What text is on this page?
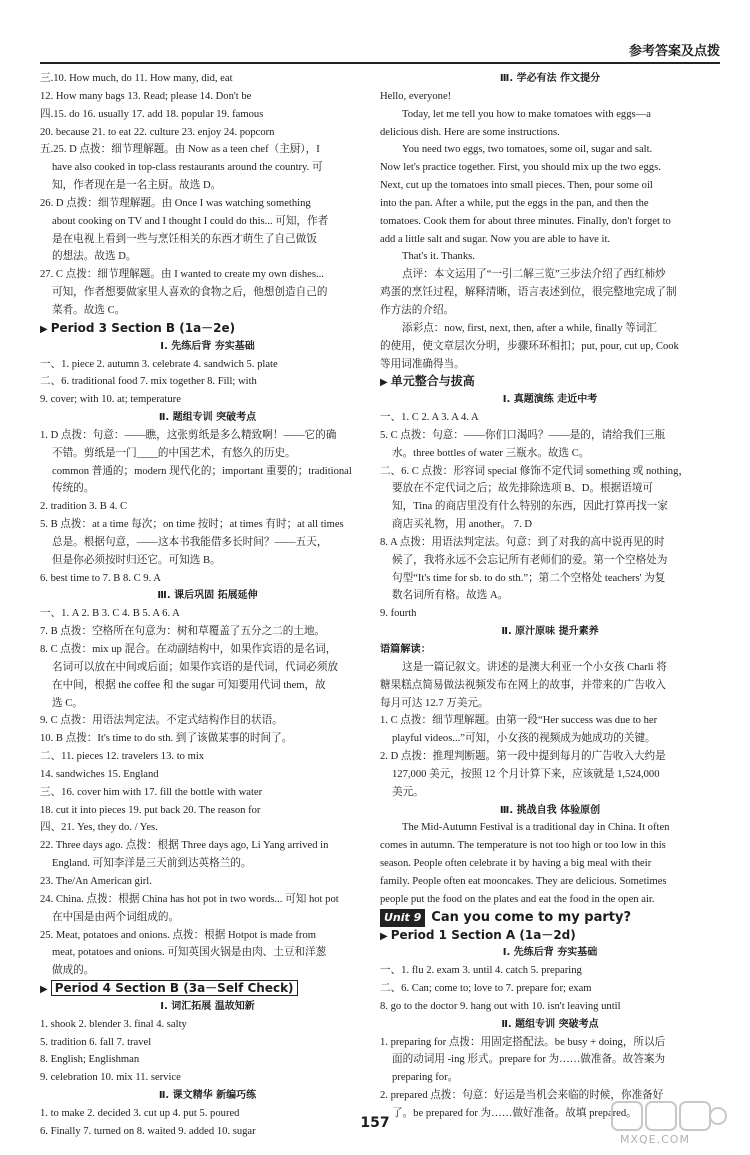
参考答案及点拨
三.10. How much, do 11. How many, did, eat
12. How many bags 13. Read; please 14. Don't be
四.15. do 16. usually 17. add 18. popular 19. famous
20. because 21. to eat 22. culture 23. enjoy 24. popcorn
五.25. D 点拨：细节理解题。由 Now as a teen chef（主厨），I
have also cooked in top-class restaurants around the country. 可
知，作者现在是一名主厨。故选 D。
26. D 点拨：细节理解题。由 Once I was watching something
about cooking on TV and I thought I could do this... 可知，作者
是在电视上看到一些与烹饪相关的东西才萌生了自己做饭
的想法。故选 D。
27. C 点拨：细节理解题。由 I wanted to create my own dishes...
可知，作者想要做家里人喜欢的食物之后，他想创造自己的
菜肴。故选 C。
▶ Period 3 Section B (1a－2e)
Ⅰ. 先练后背 夯实基础
一、1. piece 2. autumn 3. celebrate 4. sandwich 5. plate
二、6. traditional food 7. mix together 8. Fill; with
9. cover; with 10. at; temperature
Ⅱ. 题组专训 突破考点
1. D 点拨：句意：——瞧，这张剪纸是多么精致啊！——它的确
不错。剪纸是一门____的中国艺术，有悠久的历史。
common 普通的；modern 现代化的；important 重要的；traditional
传统的。
2. tradition 3. B 4. C
5. B 点拨：at a time 每次；on time 按时；at times 有时；at all times
总是。根据句意，——这本书我能借多长时间？——五天，
但是你必须按时归还它。可知选 B。
6. best time to 7. B 8. C 9. A
Ⅲ. 课后巩固 拓展延伸
一、1. A 2. B 3. C 4. B 5. A 6. A
7. B 点拨：空格所在句意为：树和草覆盖了五分之二的土地。
8. C 点拨：mix up 混合。在动副结构中，如果作宾语的是名词，
名词可以放在中间或后面；如果作宾语的是代词，代词必须放
在中间，根据 the coffee 和 the sugar 可知要用代词 them，故
选 C。
9. C 点拨：用语法判定法。不定式结构作目的状语。
10. B 点拨：It's time to do sth. 到了该做某事的时间了。
二、11. pieces 12. travelers 13. to mix
14. sandwiches 15. England
三、16. cover him with 17. fill the bottle with water
18. cut it into pieces 19. put back 20. The reason for
四、21. Yes, they do. / Yes.
22. Three days ago. 点拨：根据 Three days ago, Li Yang arrived in
England. 可知李洋是三天前到达英格兰的。
23. The/An American girl.
24. China. 点拨：根据 China has hot pot in two words... 可知 hot pot
在中国是由两个词组成的。
25. Meat, potatoes and onions. 点拨：根据 Hotpot is made from
meat, potatoes and onions. 可知英国火锅是由肉、土豆和洋葱
做成的。
▶ Period 4 Section B (3a－Self Check)
Ⅰ. 词汇拓展 温故知新
1. shook 2. blender 3. final 4. salty
5. tradition 6. fall 7. travel
8. English; Englishman
9. celebration 10. mix 11. service
Ⅱ. 课文精华 新编巧练
1. to make 2. decided 3. cut up 4. put 5. poured
6. Finally 7. turned on 8. waited 9. added 10. sugar
Ⅲ. 学必有法 作文提分
Hello, everyone!
Today, let me tell you how to make tomatoes with eggs—a
delicious dish. Here are some instructions.
You need two eggs, two tomatoes, some oil, sugar and salt.
Now let's practice together. First, you should mix up the two eggs.
Next, cut up the tomatoes into small pieces. Then, pour some oil
into the pan. After a while, put the eggs in the pan, and then the
tomatoes. Cook them for about three minutes. Finally, don't forget to
add a little salt and sugar. Now you are able to have it.
That's it. Thanks.
点评：本文运用了“一引二解三览”三步法介绍了西红柿炒
鸡蛋的烹饪过程，解释清晰，语言表述到位，很完整地完成了制
作方法的介绍。
添彩点：now, first, next, then, after a while, finally 等词汇
的使用，使文章层次分明，步骤环环相扣；put, pour, cut up, Cook
等用词准确得当。
▶ 单元整合与拔高
Ⅰ. 真题演练 走近中考
一、1. C 2. A 3. A 4. A
5. C 点拨：句意：——你们口渴吗？——是的，请给我们三瓶
水。three bottles of water 三瓶水。故选 C。
二、6. C 点拨：形容词 special 修饰不定代词 something 或 nothing，
要放在不定代词之后；故先排除选项 B、D。根据语境可
知，Tina 的商店里没有什么特别的东西，因此打算再找一家
商店买礼物，用 another。 7. D
8. A 点拨：用语法判定法。句意：到了对我的高中说再见的时
候了，我将永远不会忘记所有老师们的爱。第一个空格处为
句型“It's time for sb. to do sth.”；第二个空格处 teachers' 为复
数名词所有格。故选 A。
9. fourth
Ⅱ. 原汁原味 提升素养
语篇解读：
这是一篇记叙文。讲述的是澳大利亚一个小女孩 Charli 将
糖果糕点简易做法视频发布在网上的故事，并带来的广告收入
每月可达 12.7 万美元。
1. C 点拨：细节理解题。由第一段“Her success was due to her
playful videos...”可知，小女孩的视频成为她成功的关键。
2. D 点拨：推理判断题。第一段中提到每月的广告收入大约是
127,000 美元，按照 12 个月计算下来，应该就是 1,524,000
美元。
Ⅲ. 挑战自我 体验原创
The Mid-Autumn Festival is a traditional day in China. It often
comes in autumn. The temperature is not too high or too low in this
season. People often celebrate it by having a big meal with their
family. People often eat mooncakes. They are delicious. Sometimes
people put the food on the plates and eat the food in the open air.
Unit 9 Can you come to my party?
▶ Period 1 Section A (1a－2d)
Ⅰ. 先练后背 夯实基础
一、1. flu 2. exam 3. until 4. catch 5. preparing
二、6. Can; come to; love to 7. prepare for; exam
8. go to the doctor 9. hang out with 10. isn't leaving until
Ⅱ. 题组专训 突破考点
1. preparing for 点拨：用固定搭配法。be busy + doing，所以后
面的动词用 -ing 形式。prepare for 为……做准备。故答案为
preparing for。
2. prepared 点拨：句意：好运是当机会来临的时候，你准备好
了。be prepared for 为……做好准备。故填 prepared。
157
MXQE.COM
